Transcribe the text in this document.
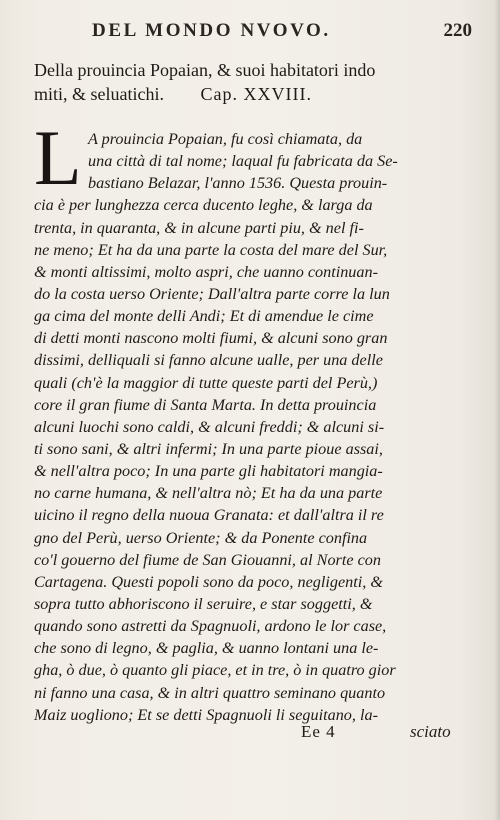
DEL MONDO NVOVO.	220
Della prouincia Popaian, & suoi habitatori indo
miti, & seluatichi. Cap. XXVIII.
L A prouincia Popaian, fu così chiamata, da
una città di tal nome; laqual fu fabricata da Se-
bastiano Belazar, l'anno 1536. Questa prouin-
cia è per lunghezza cerca ducento leghe, & larga da
trenta, in quaranta, & in alcune parti piu, & nel fi-
ne meno; Et ha da una parte la costa del mare del Sur,
& monti altissimi, molto aspri, che uanno continuan-
do la costa uerso Oriente; Dall'altra parte corre la lun
ga cima del monte delli Andi; Et di amendue le cime
di detti monti nascono molti fiumi, & alcuni sono gran
dissimi, delliquali si fanno alcune ualle, per una delle
quali (ch'è la maggior di tutte queste parti del Perù,)
core il gran fiume di Santa Marta. In detta prouincia
alcuni luochi sono caldi, & alcuni freddi; & alcuni si-
ti sono sani, & altri infermi; In una parte pioue assai,
& nell'altra poco; In una parte gli habitatori mangia-
no carne humana, & nell'altra nò; Et ha da una parte
uicino il regno della nuoua Granata: et dall'altra il re
gno del Perù, uerso Oriente; & da Ponente confina
co'l gouerno del fiume de San Giouanni, al Norte con
Cartagena. Questi popoli sono da poco, negligenti, &
sopra tutto abhoriscono il seruire, e star soggetti, &
quando sono astretti da Spagnuoli, ardono le lor case,
che sono di legno, & paglia, & uanno lontani una le-
gha, ò due, ò quanto gli piace, et in tre, ò in quatro gior
ni fanno una casa, & in altri quattro seminano quanto
Maiz uogliono; Et se detti Spagnuoli li seguitano, la-
Ee 4	sciato
